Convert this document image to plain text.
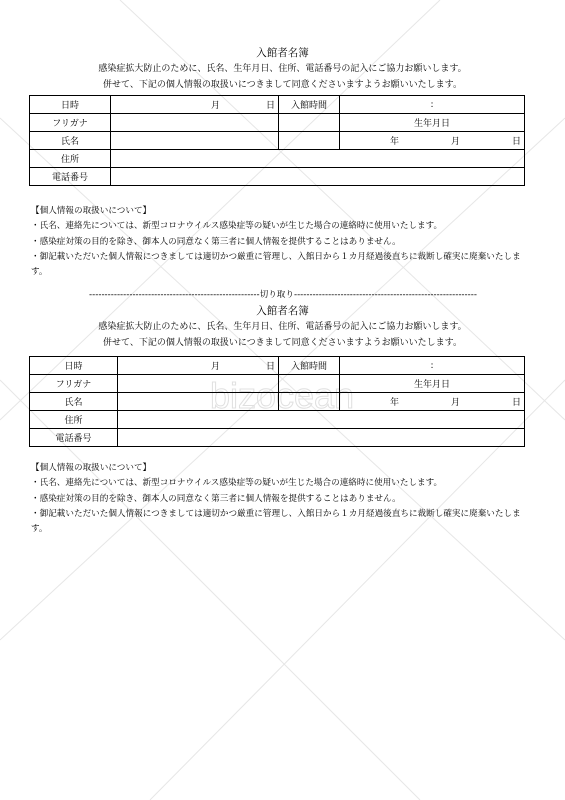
bizocean

入館者名簿

感染症拡大防止のために、氏名、生年月日、住所、電話番号の記入にご協力お願いします。

併せて、下記の個人情報の取扱いにつきまして同意くださいますようお願いいたします。

日時	月 日	入館時間	:
フリガナ			生年月日
氏名			年 月 日
住所			
電話番号			

【個人情報の取扱いについて】

・氏名、連絡先については、新型コロナウイルス感染症等の疑いが生じた場合の連絡時に使用いたします。

・感染症対策の目的を除き、御本人の同意なく第三者に個人情報を提供することはありません。

・御記載いただいた個人情報につきましては適切かつ厳重に管理し、入館日から１カ月経過後直ちに裁断し確実に廃棄いたします。

-------------------------------------------------------切り取り-----------------------------------------------------------

入館者名簿

感染症拡大防止のために、氏名、生年月日、住所、電話番号の記入にご協力お願いします。

併せて、下記の個人情報の取扱いにつきまして同意くださいますようお願いいたします。

日時	月 日	入館時間	:
フリガナ			生年月日
氏名			年 月 日
住所			
電話番号			

【個人情報の取扱いについて】

・氏名、連絡先については、新型コロナウイルス感染症等の疑いが生じた場合の連絡時に使用いたします。

・感染症対策の目的を除き、御本人の同意なく第三者に個人情報を提供することはありません。

・御記載いただいた個人情報につきましては適切かつ厳重に管理し、入館日から１カ月経過後直ちに裁断し確実に廃棄いたします。
